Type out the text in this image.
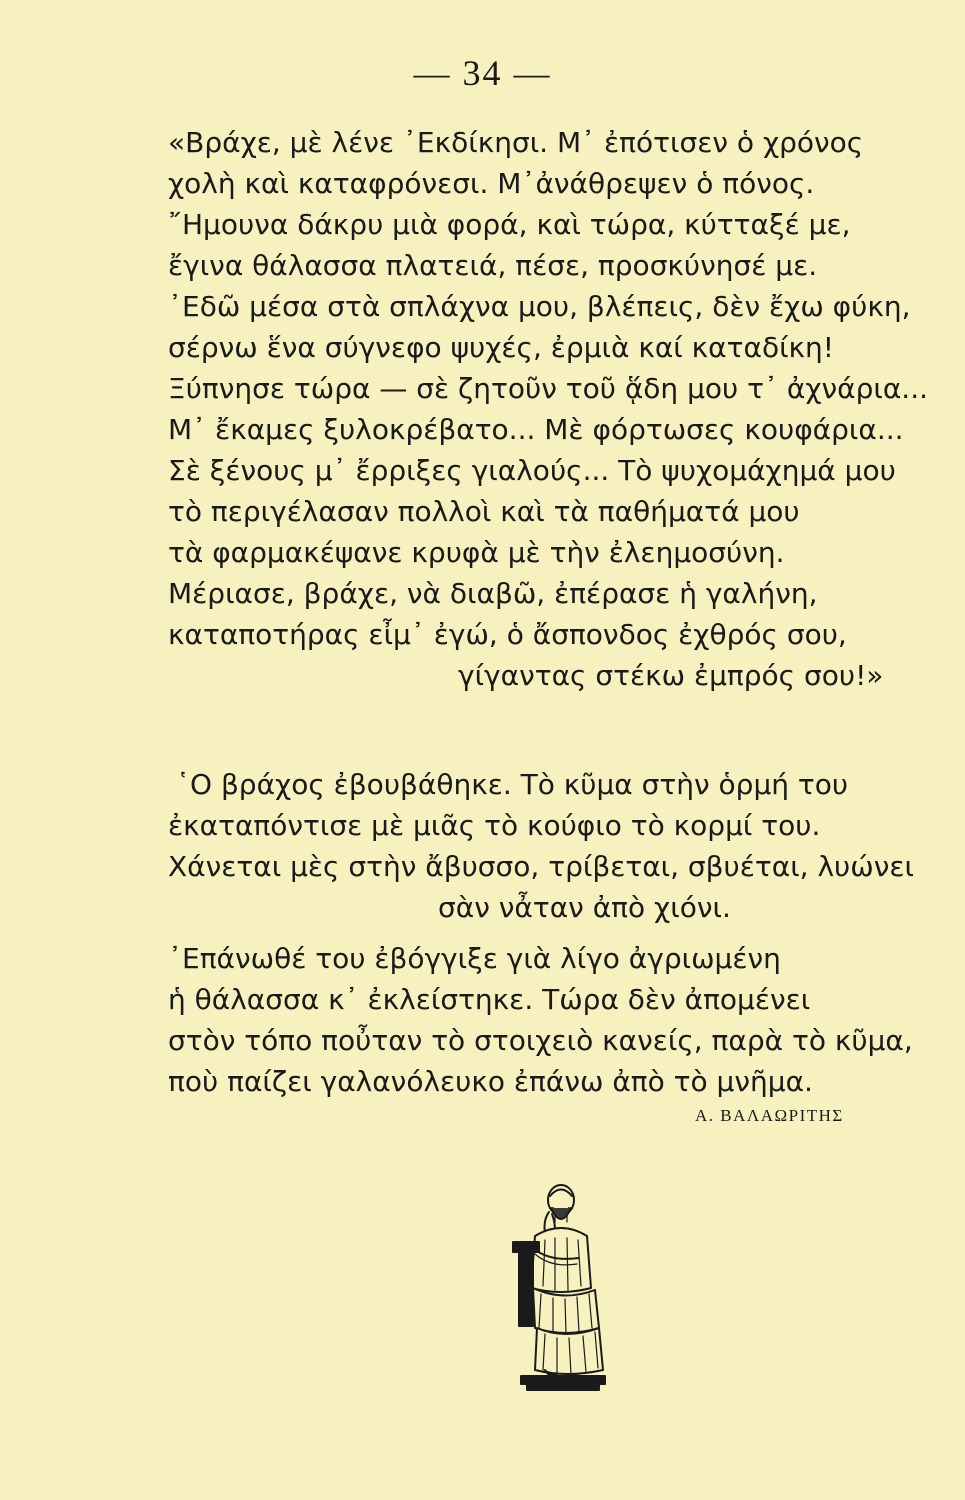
— 34 —
«Βράχε, μὲ λένε ᾿Εκδίκησι. Μ᾿ ἐπότισεν ὁ χρόνος
χολὴ καὶ καταφρόνεσι. Μ᾿ἀνάθρεψεν ὁ πόνος.
῎Ημουνα δάκρυ μιὰ φορά, καὶ τώρα, κύτταξέ με,
ἔγινα θάλασσα πλατειά, πέσε, προσκύνησέ με.
᾿Εδῶ μέσα στὰ σπλάχνα μου, βλέπεις, δὲν ἔχω φύκη,
σέρνω ἕνα σύγνεφο ψυχές, ἐρμιὰ καί καταδίκη!
Ξύπνησε τώρα — σὲ ζητοῦν τοῦ ᾅδη μου τ᾿ ἀχνάρια...
Μ᾿ ἔκαμες ξυλοκρέβατο... Μὲ φόρτωσες κουφάρια...
Σὲ ξένους μ᾿ ἔρριξες γιαλούς... Τὸ ψυχομάχημά μου
τὸ περιγέλασαν πολλοὶ καὶ τὰ παθήματά μου
τὰ φαρμακέψανε κρυφὰ μὲ τὴν ἐλεημοσύνη.
Μέριασε, βράχε, νὰ διαβῶ, ἐπέρασε ἡ γαλήνη,
καταποτήρας εἶμ᾿ ἐγώ, ὁ ἄσπονδος ἐχθρός σου,
γίγαντας στέκω ἐμπρός σου!»
῾Ο βράχος ἐβουβάθηκε. Τὸ κῦμα στὴν ὁρμή του
ἐκαταπόντισε μὲ μιᾶς τὸ κούφιο τὸ κορμί του.
Χάνεται μὲς στὴν ἄβυσσο, τρίβεται, σβυέται, λυώνει
σὰν νἆταν ἀπὸ χιόνι.
᾿Επάνωθέ του ἐβόγγιξε γιὰ λίγο ἀγριωμένη
ἡ θάλασσα κ᾿ ἐκλείστηκε. Τώρα δὲν ἀπομένει
στὸν τόπο ποὖταν τὸ στοιχειὸ κανείς, παρὰ τὸ κῦμα,
ποὺ παίζει γαλανόλευκο ἐπάνω ἀπὸ τὸ μνῆμα.
Α. ΒΑΛΑΩΡΙΤΗΣ
